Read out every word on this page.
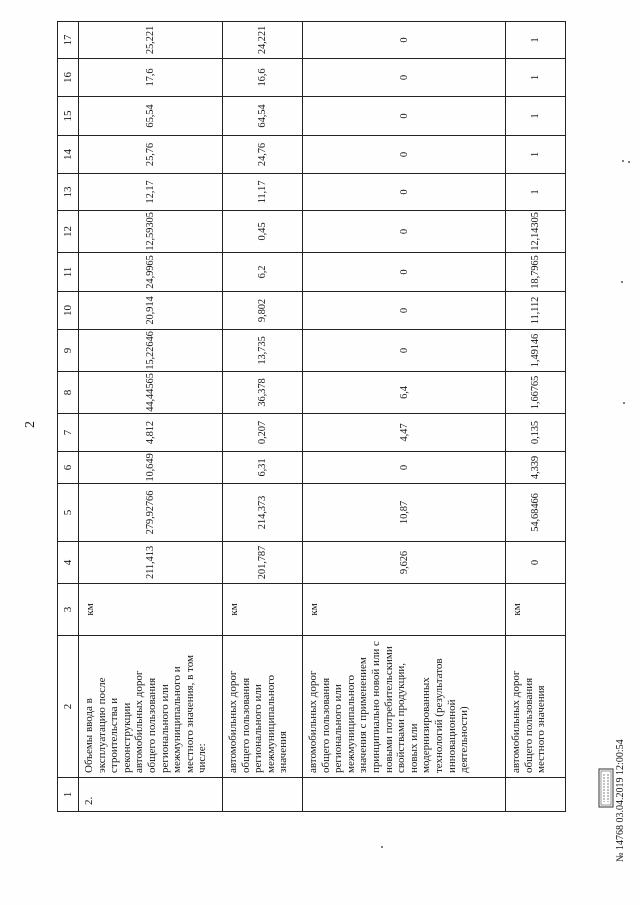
2
1	2	3	4	5	6	7	8	9	10	11	12	13	14	15	16	17
2.	Объемы ввода в эксплуатацию после строительства и реконструкции автомобильных дорог общего пользования регионального или межмуниципального и местного значения, в том числе:	км	211,413	279,92766	10,649	4,812	44,44565	15,22646	20,914	24,9965	12,59305	12,17	25,76	65,54	17,6	25,221
	автомобильных дорог общего пользования регионального или межмуниципального значения	км	201,787	214,373	6,31	0,207	36,378	13,735	9,802	6,2	0,45	11,17	24,76	64,54	16,6	24,221
	автомобильных дорог общего пользования регионального или межмуниципального значения с применением принципиально новой или с новыми потребительскими свойствами продукции, новых или модернизированных технологий (результатов инновационной деятельности)	км	9,626	10,87	0	4,47	6,4	0	0	0	0	0	0	0	0	0
	автомобильных дорог общего пользования местного значения	км	0	54,68466	4,339	0,135	1,66765	1,49146	11,112	18,7965	12,14305	1	1	1	1	1
№ 14768 03.04.2019 12:00:54
